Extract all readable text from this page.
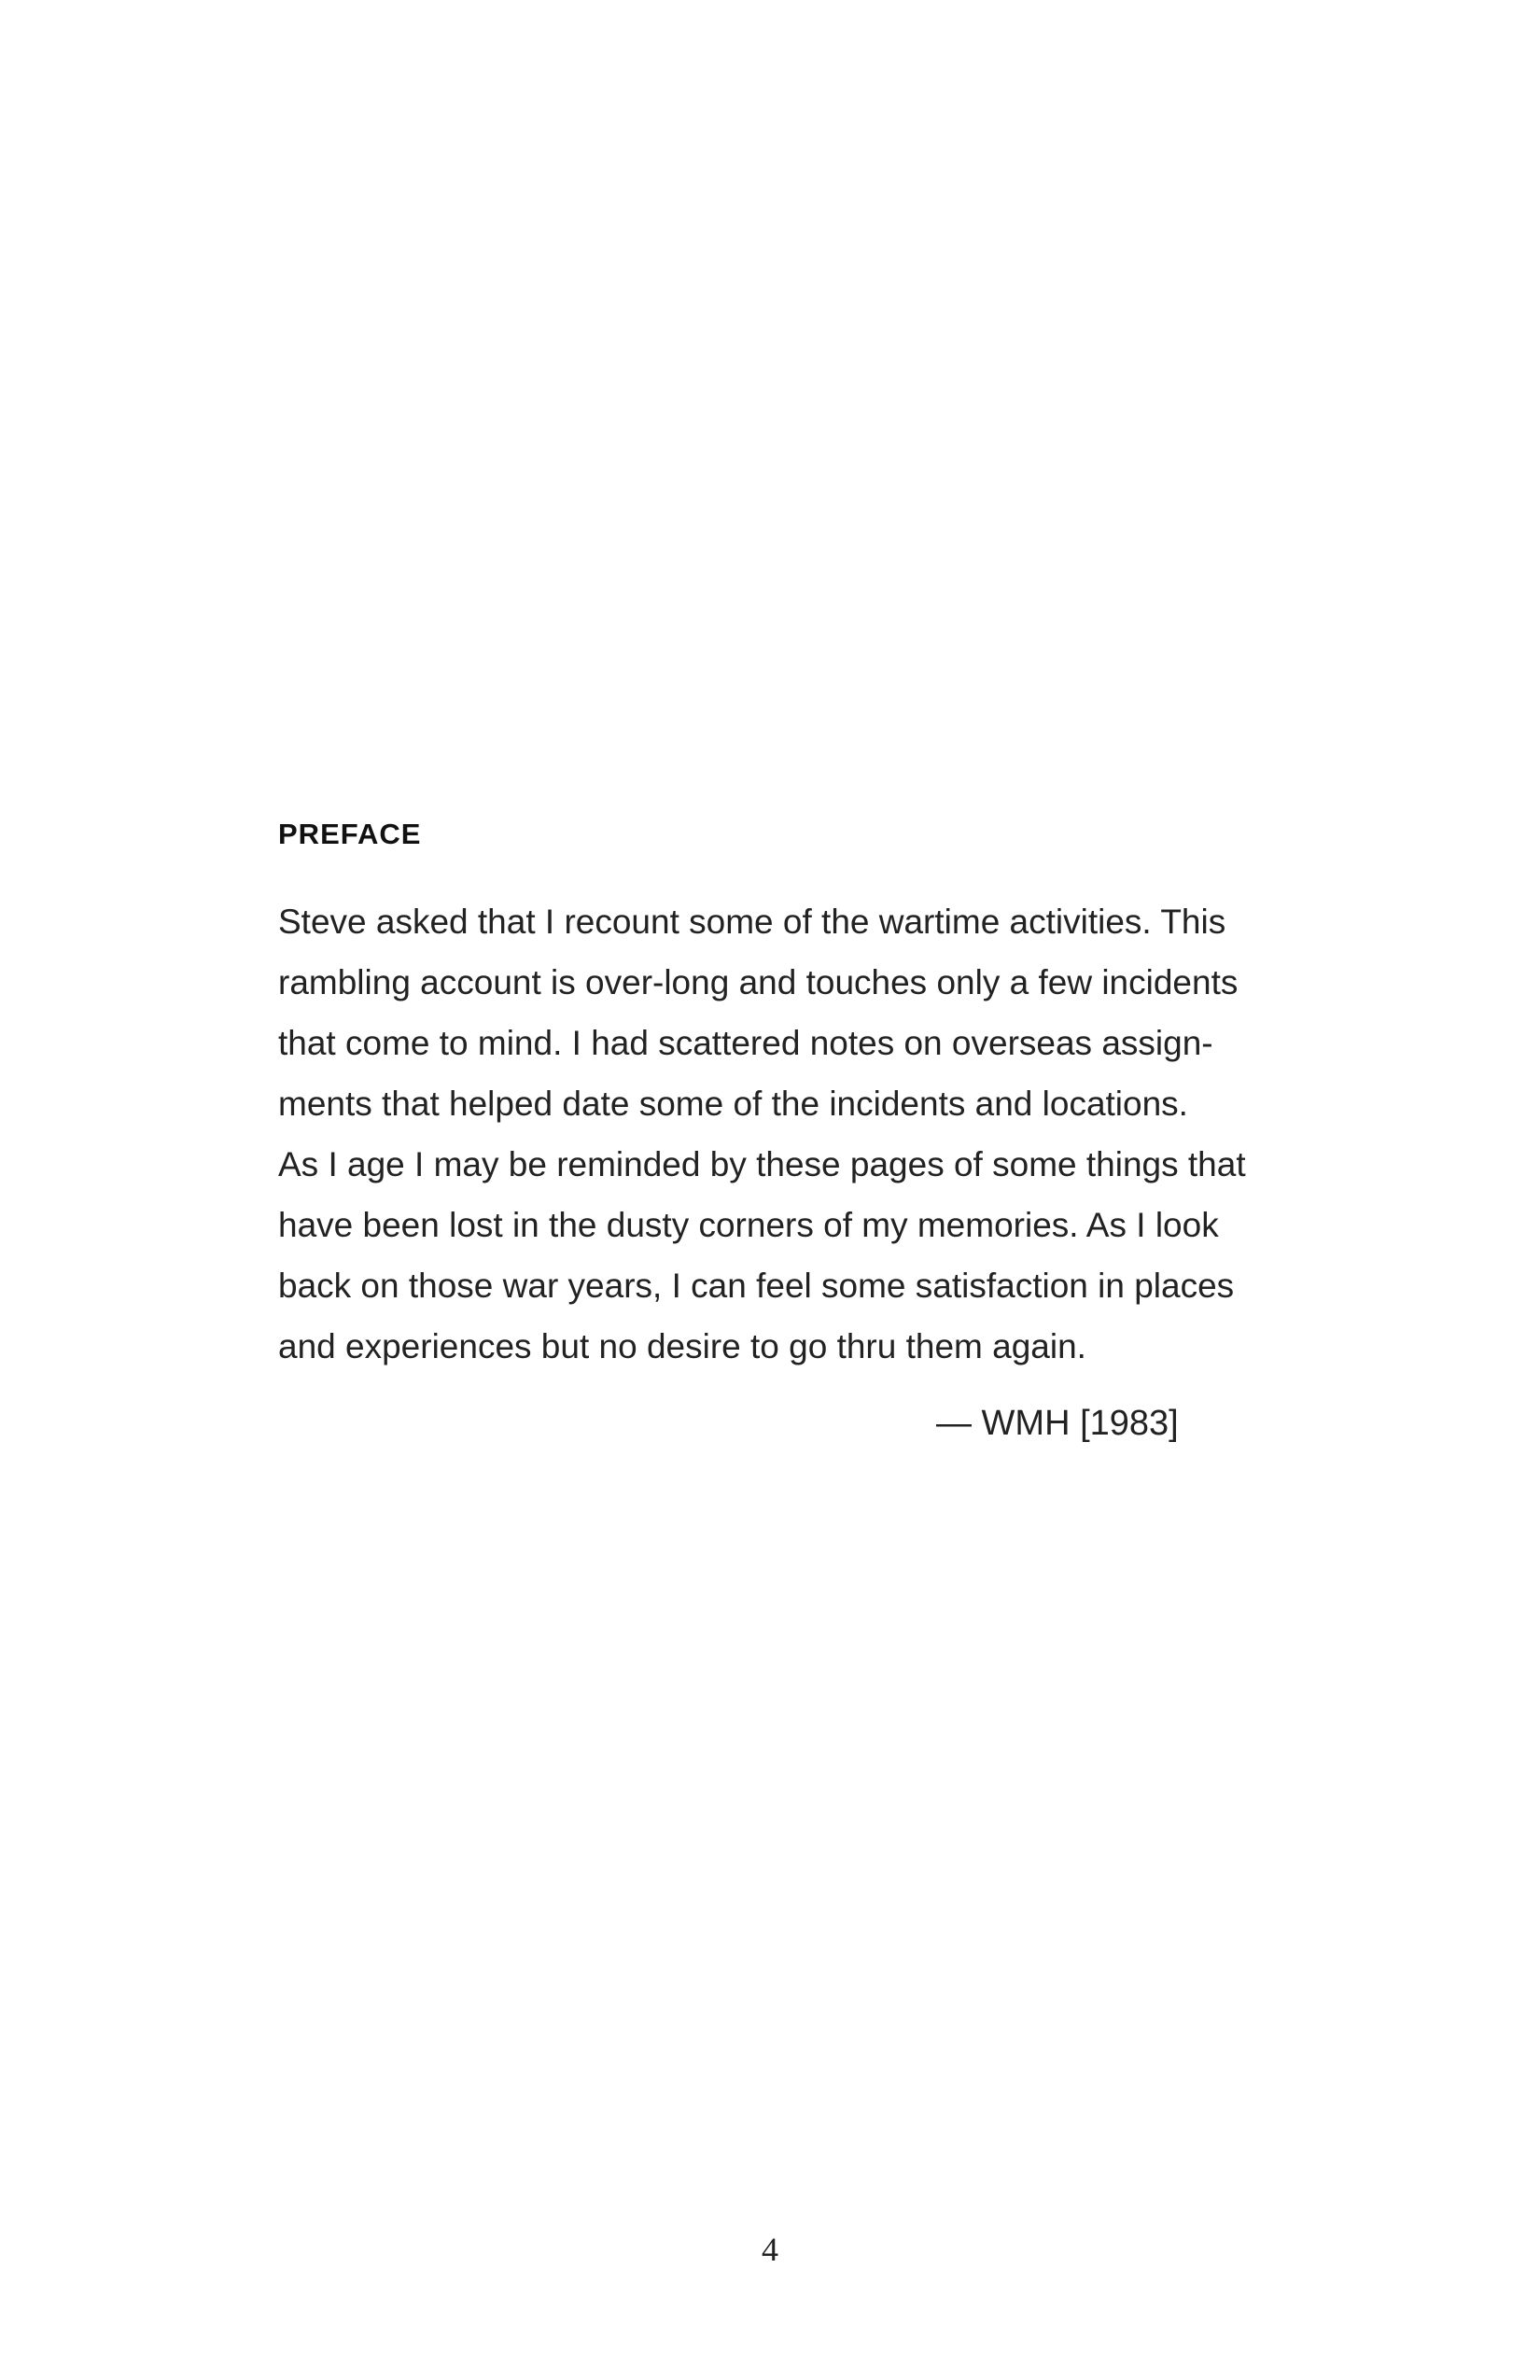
PREFACE

Steve asked that I recount some of the wartime activities. This
rambling account is over-long and touches only a few incidents
that come to mind. I had scattered notes on overseas assign-
ments that helped date some of the incidents and locations.
As I age I may be reminded by these pages of some things that
have been lost in the dusty corners of my memories. As I look
back on those war years, I can feel some satisfaction in places
and experiences but no desire to go thru them again.

— WMH [1983]

4
